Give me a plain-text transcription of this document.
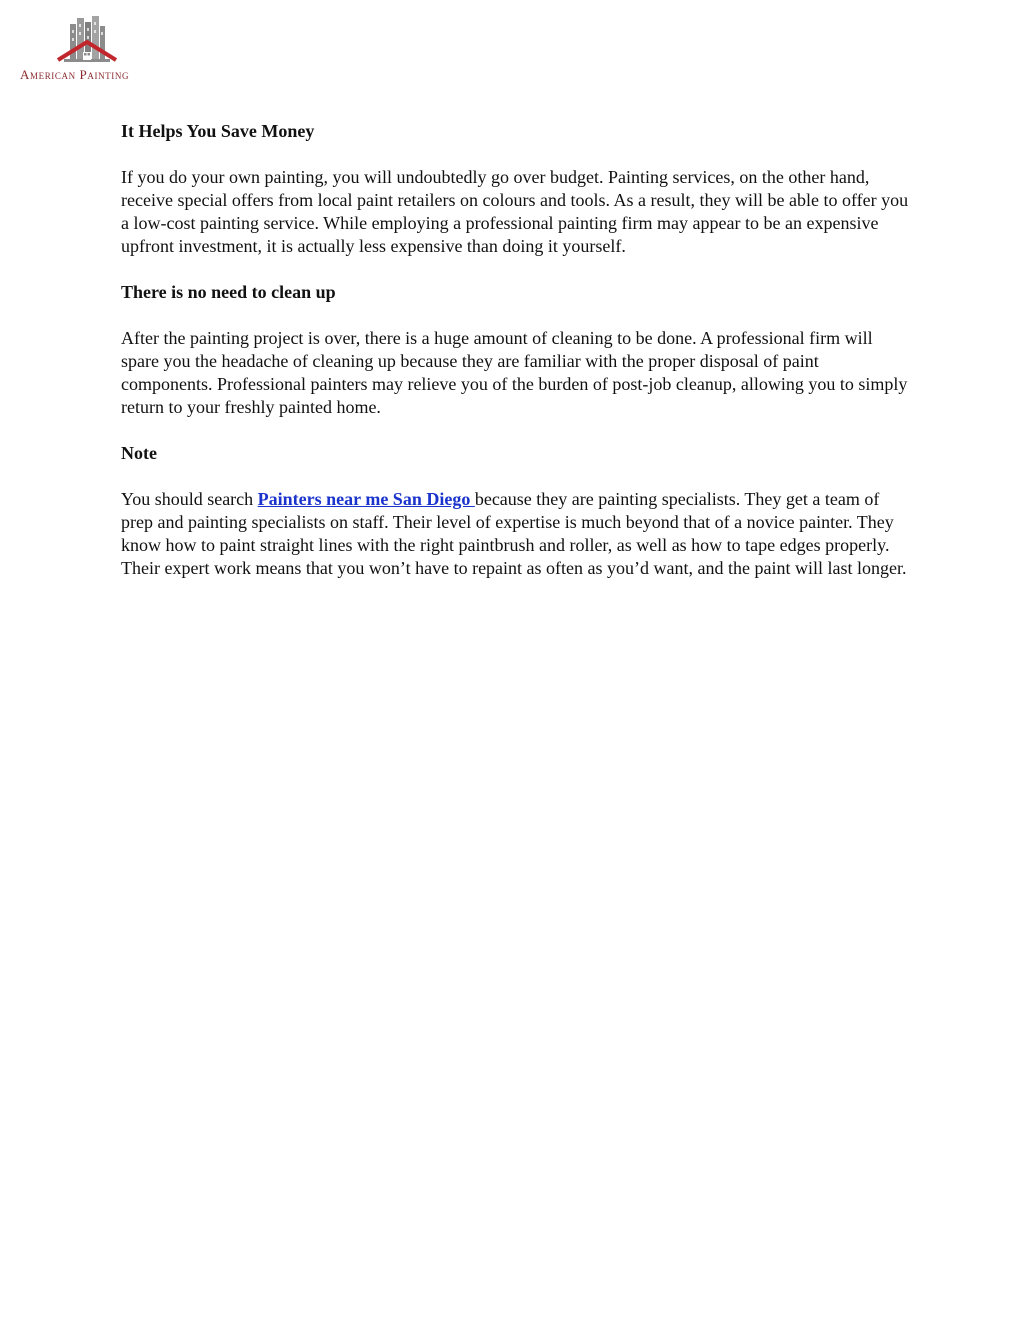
American Painting
It Helps You Save Money
If you do your own painting, you will undoubtedly go over budget. Painting services, on the other hand, receive special offers from local paint retailers on colours and tools. As a result, they will be able to offer you a low-cost painting service. While employing a professional painting firm may appear to be an expensive upfront investment, it is actually less expensive than doing it yourself.
There is no need to clean up
After the painting project is over, there is a huge amount of cleaning to be done. A professional firm will spare you the headache of cleaning up because they are familiar with the proper disposal of paint components. Professional painters may relieve you of the burden of post-job cleanup, allowing you to simply return to your freshly painted home.
Note
You should search Painters near me San Diego because they are painting specialists. They get a team of prep and painting specialists on staff. Their level of expertise is much beyond that of a novice painter. They know how to paint straight lines with the right paintbrush and roller, as well as how to tape edges properly. Their expert work means that you won’t have to repaint as often as you’d want, and the paint will last longer.
